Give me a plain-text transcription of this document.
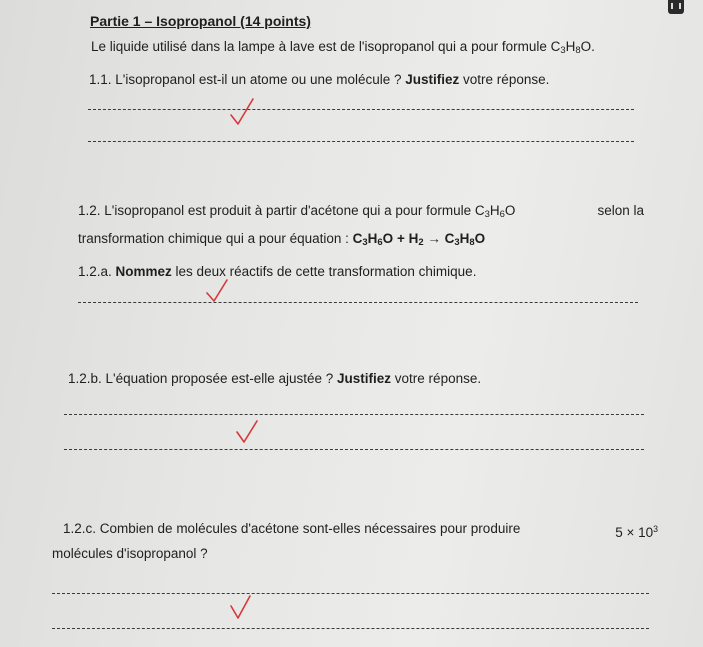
Partie 1 – Isopropanol (14 points)
Le liquide utilisé dans la lampe à lave est de l'isopropanol qui a pour formule $C_3H_8O$.
1.1. L'isopropanol est-il un atome ou une molécule ? Justifiez votre réponse.
1.2. L'isopropanol est produit à partir d'acétone qui a pour formule $C_3H_6O$	selon la
transformation chimique qui a pour équation : $C_3H_6O + H_2 \to C_3H_8O$
1.2.a. Nommez les deux réactifs de cette transformation chimique.
1.2.b. L'équation proposée est-elle ajustée ? Justifiez votre réponse.
1.2.c. Combien de molécules d'acétone sont-elles nécessaires pour produire	$5 \times 10^3$
molécules d'isopropanol ?
